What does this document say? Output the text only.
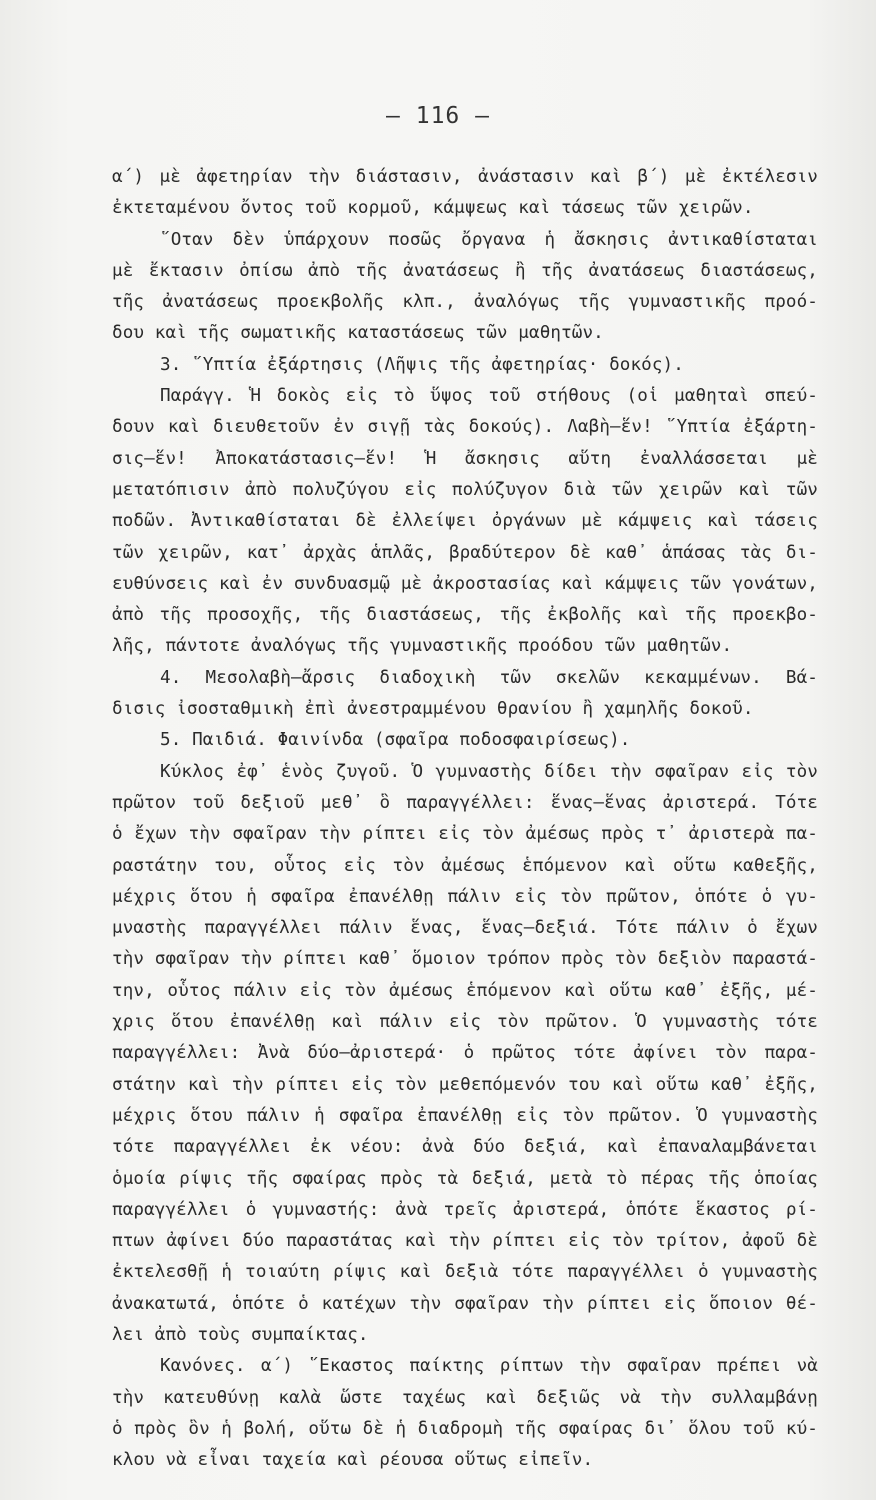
— 116 —
α΄) μὲ ἀφετηρίαν τὴν διάστασιν, ἀνάστασιν καὶ β΄) μὲ ἐκτέλεσιν
ἐκτεταμένου ὄντος τοῦ κορμοῦ, κάμψεως καὶ τάσεως τῶν χειρῶν.
῞Οταν δὲν ὑπάρχουν ποσῶς ὄργανα ἡ ἄσκησις ἀντικαθίσταται
μὲ ἔκτασιν ὀπίσω ἀπὸ τῆς ἀνατάσεως ἢ τῆς ἀνατάσεως διαστάσεως,
τῆς ἀνατάσεως προεκβολῆς κλπ., ἀναλόγως τῆς γυμναστικῆς προό-
δου καὶ τῆς σωματικῆς καταστάσεως τῶν μαθητῶν.
3. ῞Υπτία ἐξάρτησις (Λῆψις τῆς ἀφετηρίας· δοκός).
Παράγγ. Ἡ δοκὸς εἰς τὸ ὕψος τοῦ στήθους (οἱ μαθηταὶ σπεύ-
δουν καὶ διευθετοῦν ἐν σιγῇ τὰς δοκούς). Λαβὴ—ἕν! ῞Υπτία ἐξάρτη-
σις—ἕν! Ἀποκατάστασις—ἕν! Ἡ ἄσκησις αὕτη ἐναλλάσσεται μὲ
μετατόπισιν ἀπὸ πολυζύγου εἰς πολύζυγον διὰ τῶν χειρῶν καὶ τῶν
ποδῶν. Ἀντικαθίσταται δὲ ἐλλείψει ὀργάνων μὲ κάμψεις καὶ τάσεις
τῶν χειρῶν, κατ᾽ ἀρχὰς ἁπλᾶς, βραδύτερον δὲ καθ᾽ ἁπάσας τὰς δι-
ευθύνσεις καὶ ἐν συνδυασμῷ μὲ ἀκροστασίας καὶ κάμψεις τῶν γονάτων,
ἀπὸ τῆς προσοχῆς, τῆς διαστάσεως, τῆς ἐκβολῆς καὶ τῆς προεκβο-
λῆς, πάντοτε ἀναλόγως τῆς γυμναστικῆς προόδου τῶν μαθητῶν.
4. Μεσολαβὴ—ἄρσις διαδοχικὴ τῶν σκελῶν κεκαμμένων. Βά-
δισις ἰσοσταθμικὴ ἐπὶ ἀνεστραμμένου θρανίου ἢ χαμηλῆς δοκοῦ.
5. Παιδιά. Φαινίνδα (σφαῖρα ποδοσφαιρίσεως).
Κύκλος ἐφ᾽ ἑνὸς ζυγοῦ. Ὁ γυμναστὴς δίδει τὴν σφαῖραν εἰς τὸν
πρῶτον τοῦ δεξιοῦ μεθ᾽ ὃ παραγγέλλει: ἕνας—ἕνας ἀριστερά. Τότε
ὁ ἔχων τὴν σφαῖραν τὴν ρίπτει εἰς τὸν ἀμέσως πρὸς τ᾽ ἀριστερὰ πα-
ραστάτην του, οὗτος εἰς τὸν ἀμέσως ἑπόμενον καὶ οὕτω καθεξῆς,
μέχρις ὅτου ἡ σφαῖρα ἐπανέλθῃ πάλιν εἰς τὸν πρῶτον, ὁπότε ὁ γυ-
μναστὴς παραγγέλλει πάλιν ἕνας, ἕνας—δεξιά. Τότε πάλιν ὁ ἔχων
τὴν σφαῖραν τὴν ρίπτει καθ᾽ ὅμοιον τρόπον πρὸς τὸν δεξιὸν παραστά-
την, οὗτος πάλιν εἰς τὸν ἀμέσως ἑπόμενον καὶ οὕτω καθ᾽ ἐξῆς, μέ-
χρις ὅτου ἐπανέλθῃ καὶ πάλιν εἰς τὸν πρῶτον. Ὁ γυμναστὴς τότε
παραγγέλλει: Ἀνὰ δύο—ἀριστερά· ὁ πρῶτος τότε ἀφίνει τὸν παρα-
στάτην καὶ τὴν ρίπτει εἰς τὸν μεθεπόμενόν του καὶ οὕτω καθ᾽ ἐξῆς,
μέχρις ὅτου πάλιν ἡ σφαῖρα ἐπανέλθῃ εἰς τὸν πρῶτον. Ὁ γυμναστὴς
τότε παραγγέλλει ἐκ νέου: ἀνὰ δύο δεξιά, καὶ ἐπαναλαμβάνεται
ὁμοία ρίψις τῆς σφαίρας πρὸς τὰ δεξιά, μετὰ τὸ πέρας τῆς ὁποίας
παραγγέλλει ὁ γυμναστής: ἀνὰ τρεῖς ἀριστερά, ὁπότε ἕκαστος ρί-
πτων ἀφίνει δύο παραστάτας καὶ τὴν ρίπτει εἰς τὸν τρίτον, ἀφοῦ δὲ
ἐκτελεσθῇ ἡ τοιαύτη ρίψις καὶ δεξιὰ τότε παραγγέλλει ὁ γυμναστὴς
ἀνακατωτά, ὁπότε ὁ κατέχων τὴν σφαῖραν τὴν ρίπτει εἰς ὅποιον θέ-
λει ἀπὸ τοὺς συμπαίκτας.
Κανόνες. α΄) ῞Εκαστος παίκτης ρίπτων τὴν σφαῖραν πρέπει νὰ
τὴν κατευθύνῃ καλὰ ὥστε ταχέως καὶ δεξιῶς νὰ τὴν συλλαμβάνῃ
ὁ πρὸς ὃν ἡ βολή, οὕτω δὲ ἡ διαδρομὴ τῆς σφαίρας δι᾽ ὅλου τοῦ κύ-
κλου νὰ εἶναι ταχεία καὶ ρέουσα οὕτως εἰπεῖν.
